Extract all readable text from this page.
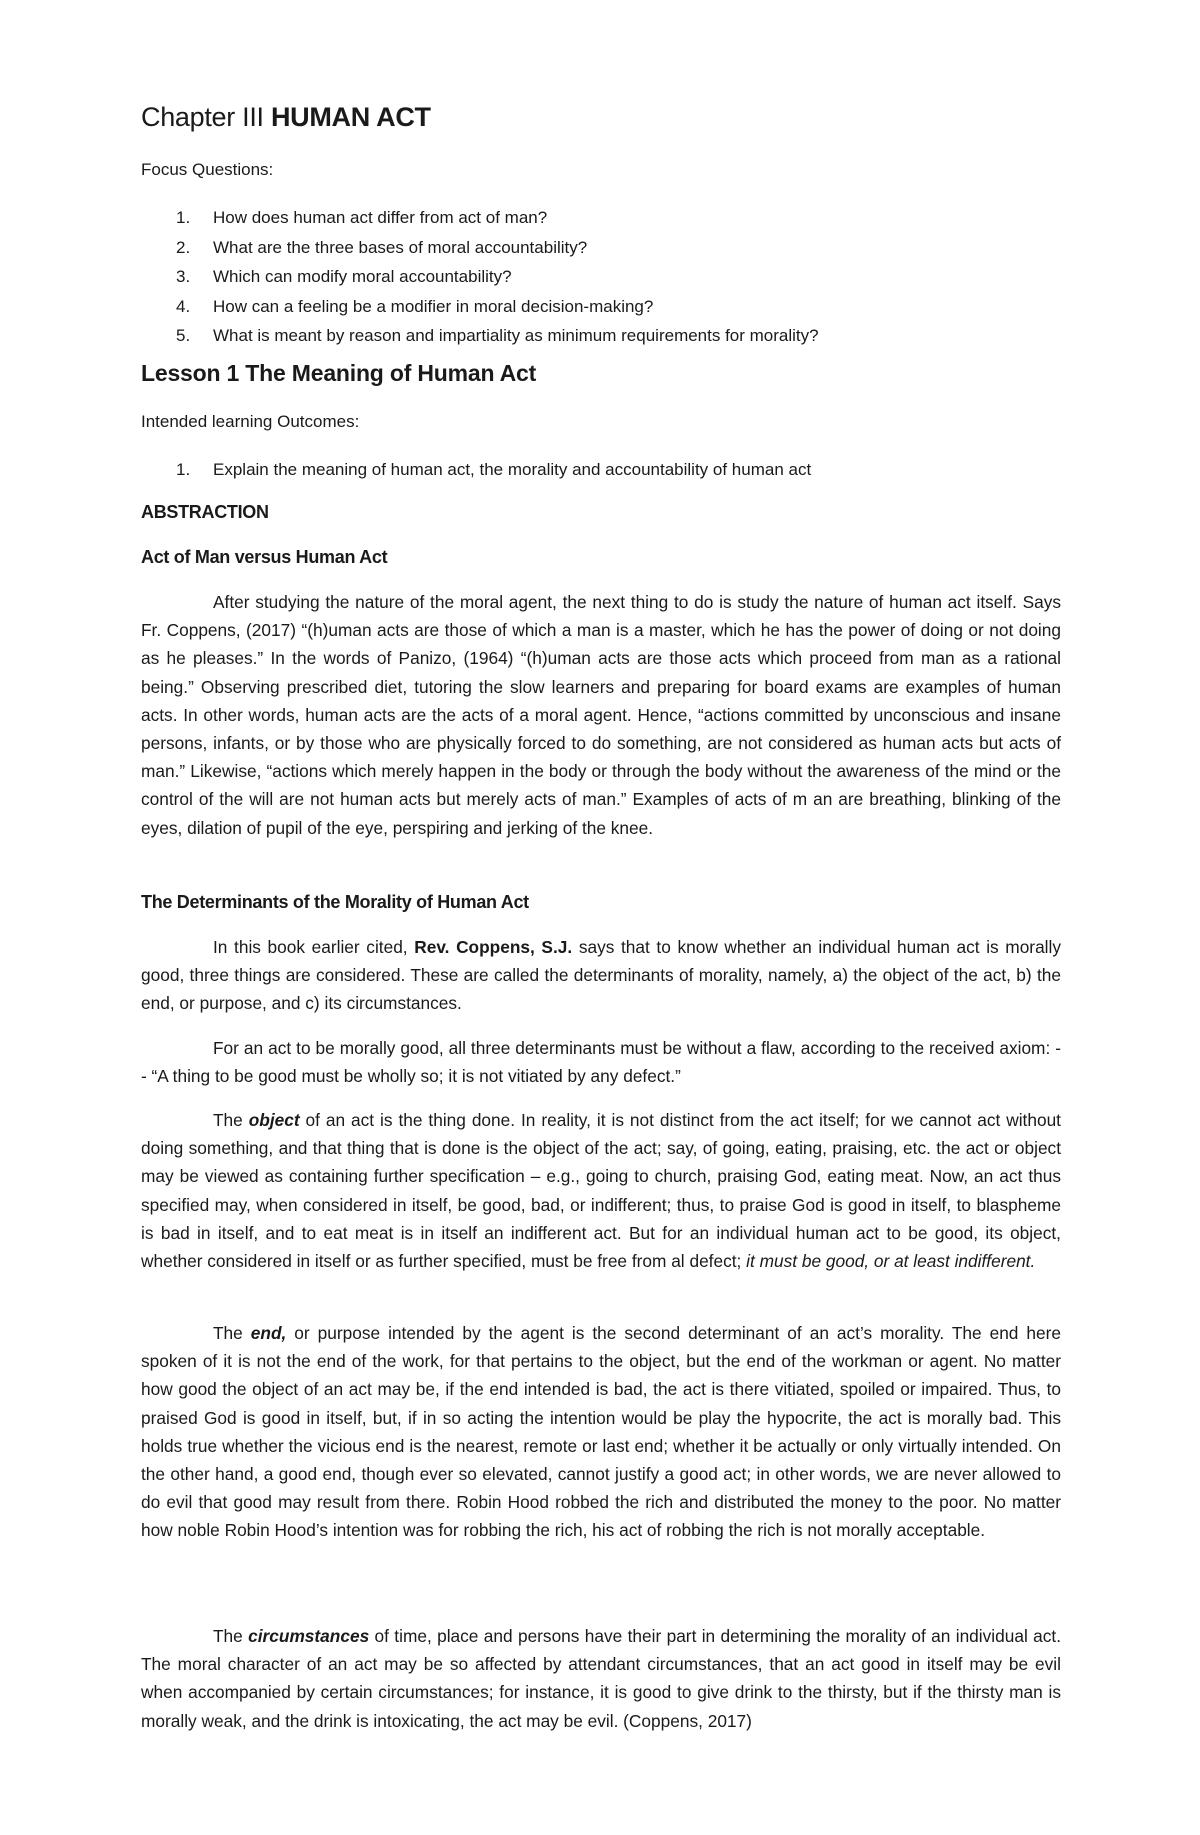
Chapter III HUMAN ACT

Focus Questions:

1. How does human act differ from act of man?
2. What are the three bases of moral accountability?
3. Which can modify moral accountability?
4. How can a feeling be a modifier in moral decision-making?
5. What is meant by reason and impartiality as minimum requirements for morality?
Lesson 1 The Meaning of Human Act

Intended learning Outcomes:

1. Explain the meaning of human act, the morality and accountability of human act
ABSTRACTION
Act of Man versus Human Act

After studying the nature of the moral agent, the next thing to do is study the nature of human act itself. Says Fr. Coppens, (2017) “(h)uman acts are those of which a man is a master, which he has the power of doing or not doing as he pleases.” In the words of Panizo, (1964) “(h)uman acts are those acts which proceed from man as a rational being.” Observing prescribed diet, tutoring the slow learners and preparing for board exams are examples of human acts. In other words, human acts are the acts of a moral agent. Hence, “actions committed by unconscious and insane persons, infants, or by those who are physically forced to do something, are not considered as human acts but acts of man.” Likewise, “actions which merely happen in the body or through the body without the awareness of the mind or the control of the will are not human acts but merely acts of man.” Examples of acts of m an are breathing, blinking of the eyes, dilation of pupil of the eye, perspiring and jerking of the knee.

The Determinants of the Morality of Human Act

In this book earlier cited, Rev. Coppens, S.J. says that to know whether an individual human act is morally good, three things are considered. These are called the determinants of morality, namely, a) the object of the act, b) the end, or purpose, and c) its circumstances.

For an act to be morally good, all three determinants must be without a flaw, according to the received axiom: -- “A thing to be good must be wholly so; it is not vitiated by any defect.”

The object of an act is the thing done. In reality, it is not distinct from the act itself; for we cannot act without doing something, and that thing that is done is the object of the act; say, of going, eating, praising, etc. the act or object may be viewed as containing further specification – e.g., going to church, praising God, eating meat. Now, an act thus specified may, when considered in itself, be good, bad, or indifferent; thus, to praise God is good in itself, to blaspheme is bad in itself, and to eat meat is in itself an indifferent act. But for an individual human act to be good, its object, whether considered in itself or as further specified, must be free from al defect; it must be good, or at least indifferent.

The end, or purpose intended by the agent is the second determinant of an act’s morality. The end here spoken of it is not the end of the work, for that pertains to the object, but the end of the workman or agent. No matter how good the object of an act may be, if the end intended is bad, the act is there vitiated, spoiled or impaired. Thus, to praised God is good in itself, but, if in so acting the intention would be play the hypocrite, the act is morally bad. This holds true whether the vicious end is the nearest, remote or last end; whether it be actually or only virtually intended. On the other hand, a good end, though ever so elevated, cannot justify a good act; in other words, we are never allowed to do evil that good may result from there. Robin Hood robbed the rich and distributed the money to the poor. No matter how noble Robin Hood’s intention was for robbing the rich, his act of robbing the rich is not morally acceptable.

The circumstances of time, place and persons have their part in determining the morality of an individual act. The moral character of an act may be so affected by attendant circumstances, that an act good in itself may be evil when accompanied by certain circumstances; for instance, it is good to give drink to the thirsty, but if the thirsty man is morally weak, and the drink is intoxicating, the act may be evil. (Coppens, 2017)
